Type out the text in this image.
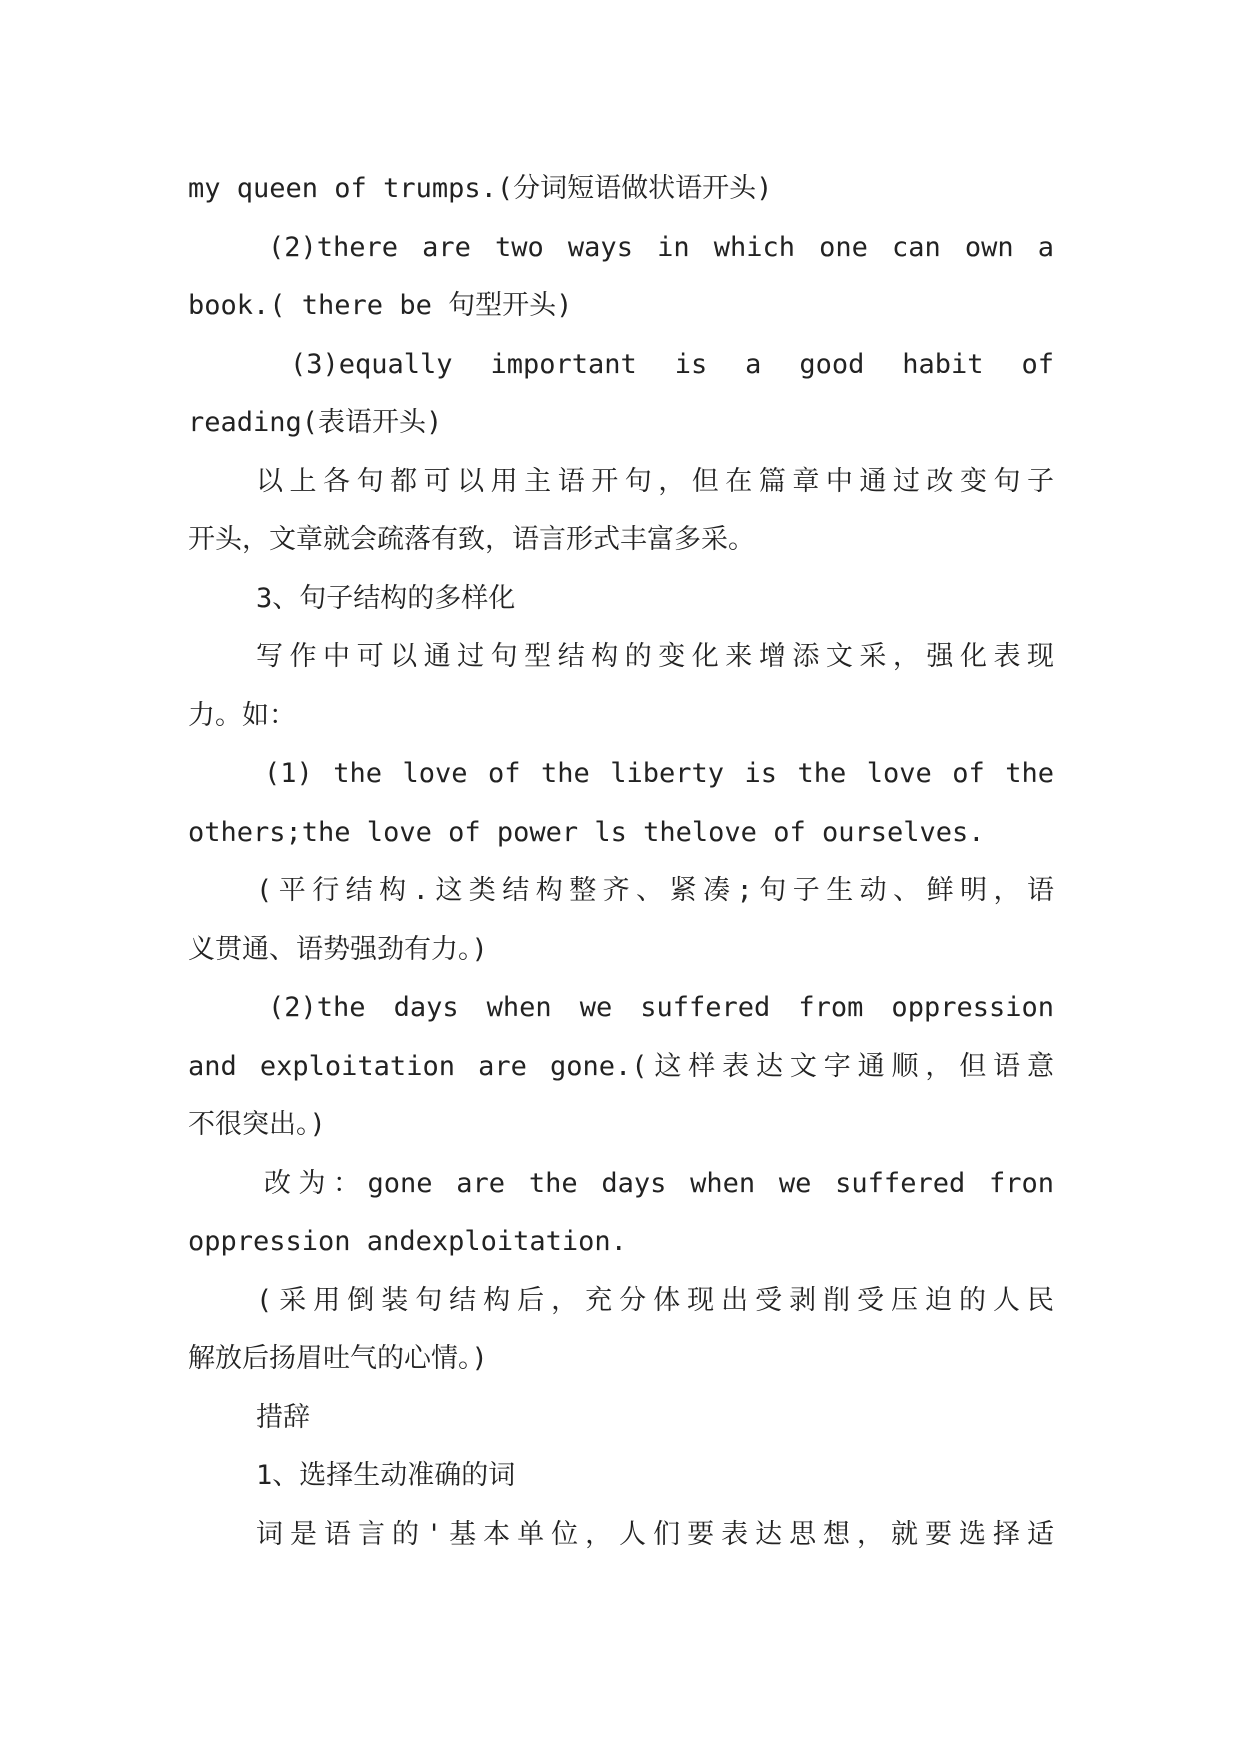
my queen of trumps.(分词短语做状语开头)
(2)there are two ways in which one can own a
book.( there be 句型开头)
(3)equally important is a good habit of
reading(表语开头)
以上各句都可以用主语开句，但在篇章中通过改变句子
开头，文章就会疏落有致，语言形式丰富多采。
3、句子结构的多样化
写作中可以通过句型结构的变化来增添文采，强化表现
力。如：
(1) the love of the liberty is the love of the
others;the love of power ls thelove of ourselves.
(平行结构.这类结构整齐、紧凑;句子生动、鲜明，语
义贯通、语势强劲有力。)
(2)the days when we suffered from oppression
and exploitation are gone.(这样表达文字通顺，但语意
不很突出。)
改为：gone are the days when we suffered fron
oppression andexploitation.
(采用倒装句结构后，充分体现出受剥削受压迫的人民
解放后扬眉吐气的心情。)
措辞
1、选择生动准确的词
词是语言的'基本单位，人们要表达思想，就要选择适
